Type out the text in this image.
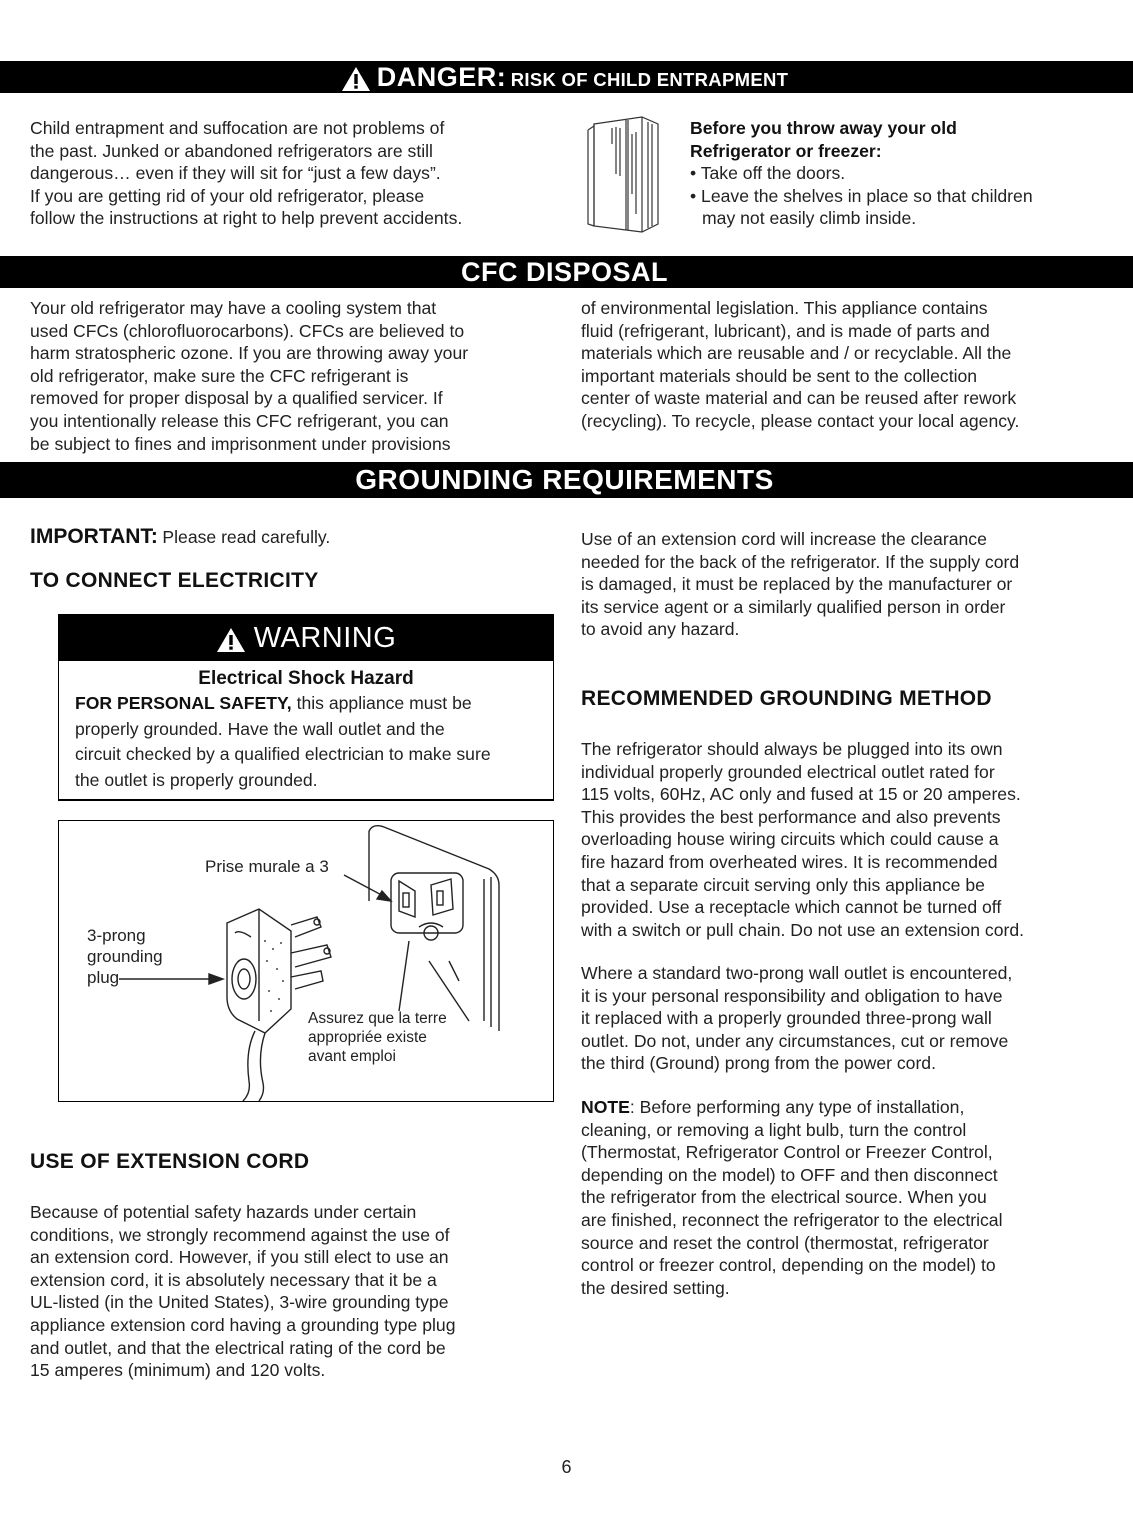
DANGER: RISK OF CHILD ENTRAPMENT
Child entrapment and suffocation are not problems of
the past. Junked or abandoned refrigerators are still
dangerous… even if they will sit for “just a few days”.
If you are getting rid of your old refrigerator, please
follow the instructions at right to help prevent accidents.
Before you throw away your old
Refrigerator or freezer:
• Take off the doors.
• Leave the shelves in place so that children
may not easily climb inside.
CFC DISPOSAL
Your old refrigerator may have a cooling system that
used CFCs (chlorofluorocarbons). CFCs are believed to
harm stratospheric ozone. If you are throwing away your
old refrigerator, make sure the CFC refrigerant is
removed for proper disposal by a qualified servicer. If
you intentionally release this CFC refrigerant, you can
be subject to fines and imprisonment under provisions
of environmental legislation. This appliance contains
fluid (refrigerant, lubricant), and is made of parts and
materials which are reusable and / or recyclable. All the
important materials should be sent to the collection
center of waste material and can be reused after rework
(recycling). To recycle, please contact your local agency.
GROUNDING REQUIREMENTS
IMPORTANT: Please read carefully.
TO CONNECT ELECTRICITY
WARNING
Electrical Shock Hazard
FOR PERSONAL SAFETY, this appliance must be
properly grounded. Have the wall outlet and the
circuit checked by a qualified electrician to make sure
the outlet is properly grounded.
Prise murale a 3
3-prong
grounding
plug
Assurez que la terre
appropriée existe
avant emploi
USE OF EXTENSION CORD
Because of potential safety hazards under certain
conditions, we strongly recommend against the use of
an extension cord. However, if you still elect to use an
extension cord, it is absolutely necessary that it be a
UL-listed (in the United States), 3-wire grounding type
appliance extension cord having a grounding type plug
and outlet, and that the electrical rating of the cord be
15 amperes (minimum) and 120 volts.
Use of an extension cord will increase the clearance
needed for the back of the refrigerator. If the supply cord
is damaged, it must be replaced by the manufacturer or
its service agent or a similarly qualified person in order
to avoid any hazard.
RECOMMENDED GROUNDING METHOD
The refrigerator should always be plugged into its own
individual properly grounded electrical outlet rated for
115 volts, 60Hz, AC only and fused at 15 or 20 amperes.
This provides the best performance and also prevents
overloading house wiring circuits which could cause a
fire hazard from overheated wires. It is recommended
that a separate circuit serving only this appliance be
provided. Use a receptacle which cannot be turned off
with a switch or pull chain. Do not use an extension cord.
Where a standard two-prong wall outlet is encountered,
it is your personal responsibility and obligation to have
it replaced with a properly grounded three-prong wall
outlet. Do not, under any circumstances, cut or remove
the third (Ground) prong from the power cord.
NOTE: Before performing any type of installation,
cleaning, or removing a light bulb, turn the control
(Thermostat, Refrigerator Control or Freezer Control,
depending on the model) to OFF and then disconnect
the refrigerator from the electrical source. When you
are finished, reconnect the refrigerator to the electrical
source and reset the control (thermostat, refrigerator
control or freezer control, depending on the model) to
the desired setting.
6
